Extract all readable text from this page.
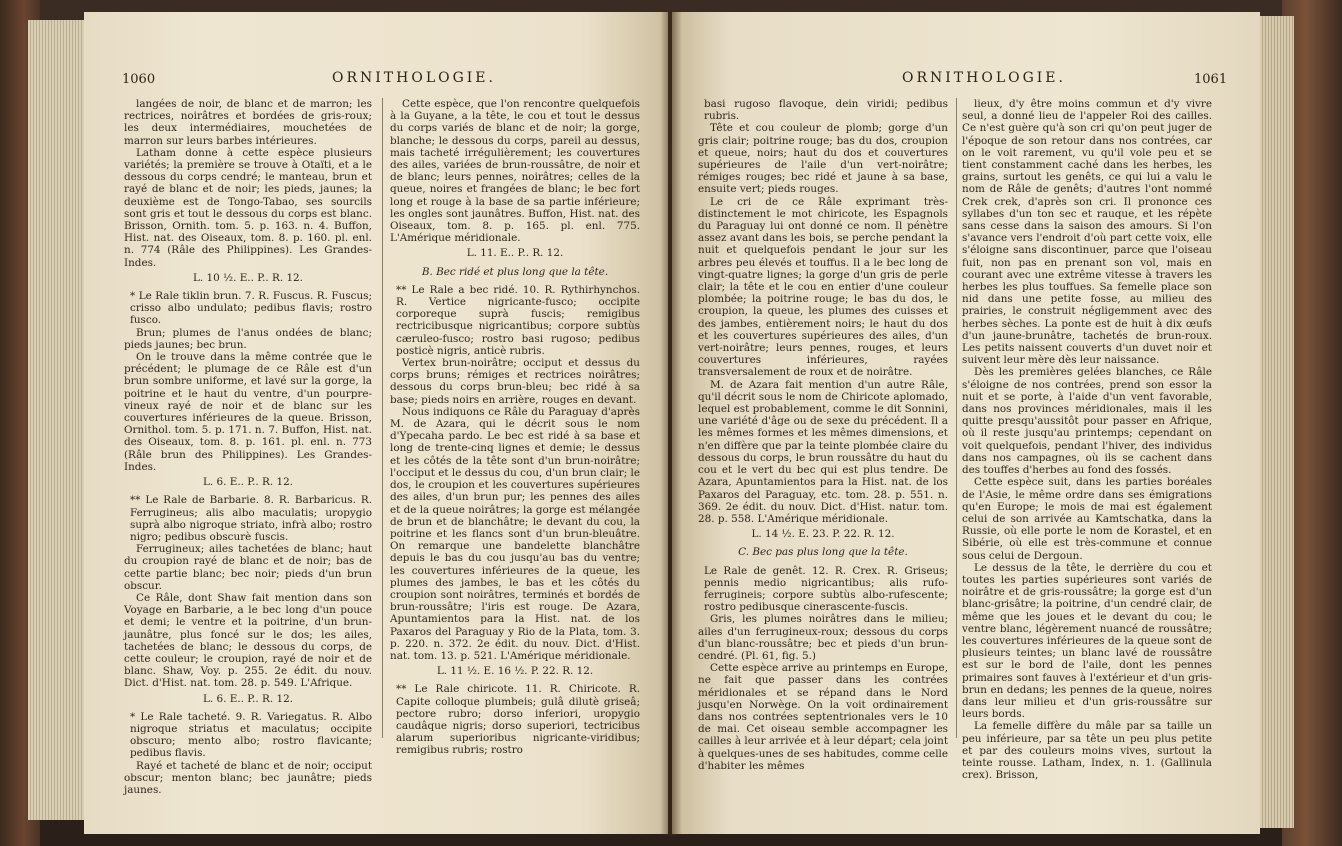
1060	ORNITHOLOGIE.

langées de noir, de blanc et de marron; les rectrices, noirâtres et bordées de gris-roux; les deux intermédiaires, mouchetées de marron sur leurs barbes intérieures.

Latham donne à cette espèce plusieurs variétés; la première se trouve à Otaïti, et a le dessous du corps cendré; le manteau, brun et rayé de blanc et de noir; les pieds, jaunes; la deuxième est de Tongo-Tabao, ses sourcils sont gris et tout le dessous du corps est blanc. Brisson, Ornith. tom. 5. p. 163. n. 4. Buffon, Hist. nat. des Oiseaux, tom. 8. p. 160. pl. enl. n. 774 (Râle des Philippines). Les Grandes-Indes.

L. 10 ½. E.. P.. R. 12.

* Le Rale tiklin brun. 7. R. Fuscus. R. Fuscus; crisso albo undulato; pedibus flavis; rostro fusco.

Brun; plumes de l'anus ondées de blanc; pieds jaunes; bec brun.

On le trouve dans la même contrée que le précédent; le plumage de ce Râle est d'un brun sombre uniforme, et lavé sur la gorge, la poitrine et le haut du ventre, d'un pourpre-vineux rayé de noir et de blanc sur les couvertures inférieures de la queue. Brisson, Ornithol. tom. 5. p. 171. n. 7. Buffon, Hist. nat. des Oiseaux, tom. 8. p. 161. pl. enl. n. 773 (Râle brun des Philippines). Les Grandes-Indes.

L. 6. E.. P.. R. 12.

** Le Rale de Barbarie. 8. R. Barbaricus. R. Ferrugineus; alis albo maculatis; uropygio suprà albo nigroque striato, infrà albo; rostro nigro; pedibus obscurè fuscis.

Ferrugineux; ailes tachetées de blanc; haut du croupion rayé de blanc et de noir; bas de cette partie blanc; bec noir; pieds d'un brun obscur.

Ce Râle, dont Shaw fait mention dans son Voyage en Barbarie, a le bec long d'un pouce et demi; le ventre et la poitrine, d'un brun-jaunâtre, plus foncé sur le dos; les ailes, tachetées de blanc; le dessous du corps, de cette couleur; le croupion, rayé de noir et de blanc. Shaw, Voy. p. 255. 2e édit. du nouv. Dict. d'Hist. nat. tom. 28. p. 549. L'Afrique.

L. 6. E.. P.. R. 12.

* Le Rale tacheté. 9. R. Variegatus. R. Albo nigroque striatus et maculatus; occipite obscuro; mento albo; rostro flavicante; pedibus flavis.

Rayé et tacheté de blanc et de noir; occiput obscur; menton blanc; bec jaunâtre; pieds jaunes.

Cette espèce, que l'on rencontre quelquefois à la Guyane, a la tête, le cou et tout le dessus du corps variés de blanc et de noir; la gorge, blanche; le dessous du corps, pareil au dessus, mais tacheté irrégulièrement; les couvertures des ailes, variées de brun-roussâtre, de noir et de blanc; leurs pennes, noirâtres; celles de la queue, noires et frangées de blanc; le bec fort long et rouge à la base de sa partie inférieure; les ongles sont jaunâtres. Buffon, Hist. nat. des Oiseaux, tom. 8. p. 165. pl. enl. 775. L'Amérique méridionale.

L. 11. E.. P.. R. 12.

B. Bec ridé et plus long que la tête.

** Le Rale a bec ridé. 10. R. Rythirhynchos. R. Vertice nigricante-fusco; occipite corporeque suprà fuscis; remigibus rectricibusque nigricantibus; corpore subtùs cæruleo-fusco; rostro basi rugoso; pedibus posticè nigris, anticè rubris.

Vertex brun-noirâtre; occiput et dessus du corps bruns; rémiges et rectrices noirâtres; dessous du corps brun-bleu; bec ridé à sa base; pieds noirs en arrière, rouges en devant.

Nous indiquons ce Râle du Paraguay d'après M. de Azara, qui le décrit sous le nom d'Ypecaha pardo. Le bec est ridé à sa base et long de trente-cinq lignes et demie; le dessus et les côtés de la tête sont d'un brun-noirâtre; l'occiput et le dessus du cou, d'un brun clair; le dos, le croupion et les couvertures supérieures des ailes, d'un brun pur; les pennes des ailes et de la queue noirâtres; la gorge est mélangée de brun et de blanchâtre; le devant du cou, la poitrine et les flancs sont d'un brun-bleuâtre. On remarque une bandelette blanchâtre depuis le bas du cou jusqu'au bas du ventre; les couvertures inférieures de la queue, les plumes des jambes, le bas et les côtés du croupion sont noirâtres, terminés et bordés de brun-roussâtre; l'iris est rouge. De Azara, Apuntamientos para la Hist. nat. de los Paxaros del Paraguay y Rio de la Plata, tom. 3. p. 220. n. 372. 2e édit. du nouv. Dict. d'Hist. nat. tom. 13. p. 521. L'Amérique méridionale.

L. 11 ½. E. 16 ½. P. 22. R. 12.

** Le Rale chiricote. 11. R. Chiricote. R. Capite colloque plumbeis; gulâ dilutè griseâ; pectore rubro; dorso inferiori, uropygio caudâque nigris; dorso superiori, tectricibus alarum superioribus nigricante-viridibus; remigibus rubris; rostro

ORNITHOLOGIE.	1061

basi rugoso flavoque, dein viridi; pedibus rubris.

Tête et cou couleur de plomb; gorge d'un gris clair; poitrine rouge; bas du dos, croupion et queue, noirs; haut du dos et couvertures supérieures de l'aile d'un vert-noirâtre; rémiges rouges; bec ridé et jaune à sa base, ensuite vert; pieds rouges.

Le cri de ce Râle exprimant très-distinctement le mot chiricote, les Espagnols du Paraguay lui ont donné ce nom. Il pénètre assez avant dans les bois, se perche pendant la nuit et quelquefois pendant le jour sur les arbres peu élevés et touffus. Il a le bec long de vingt-quatre lignes; la gorge d'un gris de perle clair; la tête et le cou en entier d'une couleur plombée; la poitrine rouge; le bas du dos, le croupion, la queue, les plumes des cuisses et des jambes, entièrement noirs; le haut du dos et les couvertures supérieures des ailes, d'un vert-noirâtre; leurs pennes, rouges, et leurs couvertures inférieures, rayées transversalement de roux et de noirâtre.

M. de Azara fait mention d'un autre Râle, qu'il décrit sous le nom de Chiricote aplomado, lequel est probablement, comme le dit Sonnini, une variété d'âge ou de sexe du précédent. Il a les mêmes formes et les mêmes dimensions, et n'en diffère que par la teinte plombée claire du dessous du corps, le brun roussâtre du haut du cou et le vert du bec qui est plus tendre. De Azara, Apuntamientos para la Hist. nat. de los Paxaros del Paraguay, etc. tom. 28. p. 551. n. 369. 2e édit. du nouv. Dict. d'Hist. natur. tom. 28. p. 558. L'Amérique méridionale.

L. 14 ½. E. 23. P. 22. R. 12.

C. Bec pas plus long que la tête.

Le Rale de genêt. 12. R. Crex. R. Griseus; pennis medio nigricantibus; alis rufo-ferrugineis; corpore subtùs albo-rufescente; rostro pedibusque cinerascente-fuscis.

Gris, les plumes noirâtres dans le milieu; ailes d'un ferrugineux-roux; dessous du corps d'un blanc-roussâtre; bec et pieds d'un brun-cendré. (Pl. 61, fig. 5.)

Cette espèce arrive au printemps en Europe, ne fait que passer dans les contrées méridionales et se répand dans le Nord jusqu'en Norwège. On la voit ordinairement dans nos contrées septentrionales vers le 10 de mai. Cet oiseau semble accompagner les cailles à leur arrivée et à leur départ; cela joint à quelques-unes de ses habitudes, comme celle d'habiter les mêmes

lieux, d'y être moins commun et d'y vivre seul, a donné lieu de l'appeler Roi des cailles. Ce n'est guère qu'à son cri qu'on peut juger de l'époque de son retour dans nos contrées, car on le voit rarement, vu qu'il vole peu et se tient constamment caché dans les herbes, les grains, surtout les genêts, ce qui lui a valu le nom de Râle de genêts; d'autres l'ont nommé Crek crek, d'après son cri. Il prononce ces syllabes d'un ton sec et rauque, et les répète sans cesse dans la saison des amours. Si l'on s'avance vers l'endroit d'où part cette voix, elle s'éloigne sans discontinuer, parce que l'oiseau fuit, non pas en prenant son vol, mais en courant avec une extrême vitesse à travers les herbes les plus touffues. Sa femelle place son nid dans une petite fosse, au milieu des prairies, le construit négligemment avec des herbes sèches. La ponte est de huit à dix œufs d'un jaune-brunâtre, tachetés de brun-roux. Les petits naissent couverts d'un duvet noir et suivent leur mère dès leur naissance.

Dès les premières gelées blanches, ce Râle s'éloigne de nos contrées, prend son essor la nuit et se porte, à l'aide d'un vent favorable, dans nos provinces méridionales, mais il les quitte presqu'aussitôt pour passer en Afrique, où il reste jusqu'au printemps; cependant on voit quelquefois, pendant l'hiver, des individus dans nos campagnes, où ils se cachent dans des touffes d'herbes au fond des fossés.

Cette espèce suit, dans les parties boréales de l'Asie, le même ordre dans ses émigrations qu'en Europe; le mois de mai est également celui de son arrivée au Kamtschatka, dans la Russie, où elle porte le nom de Korastel, et en Sibérie, où elle est très-commune et connue sous celui de Dergoun.

Le dessus de la tête, le derrière du cou et toutes les parties supérieures sont variés de noirâtre et de gris-roussâtre; la gorge est d'un blanc-grisâtre; la poitrine, d'un cendré clair, de même que les joues et le devant du cou; le ventre blanc, légèrement nuancé de roussâtre; les couvertures inférieures de la queue sont de plusieurs teintes; un blanc lavé de roussâtre est sur le bord de l'aile, dont les pennes primaires sont fauves à l'extérieur et d'un gris-brun en dedans; les pennes de la queue, noires dans leur milieu et d'un gris-roussâtre sur leurs bords.

La femelle diffère du mâle par sa taille un peu inférieure, par sa tête un peu plus petite et par des couleurs moins vives, surtout la teinte rousse. Latham, Index, n. 1. (Gallinula crex). Brisson,
